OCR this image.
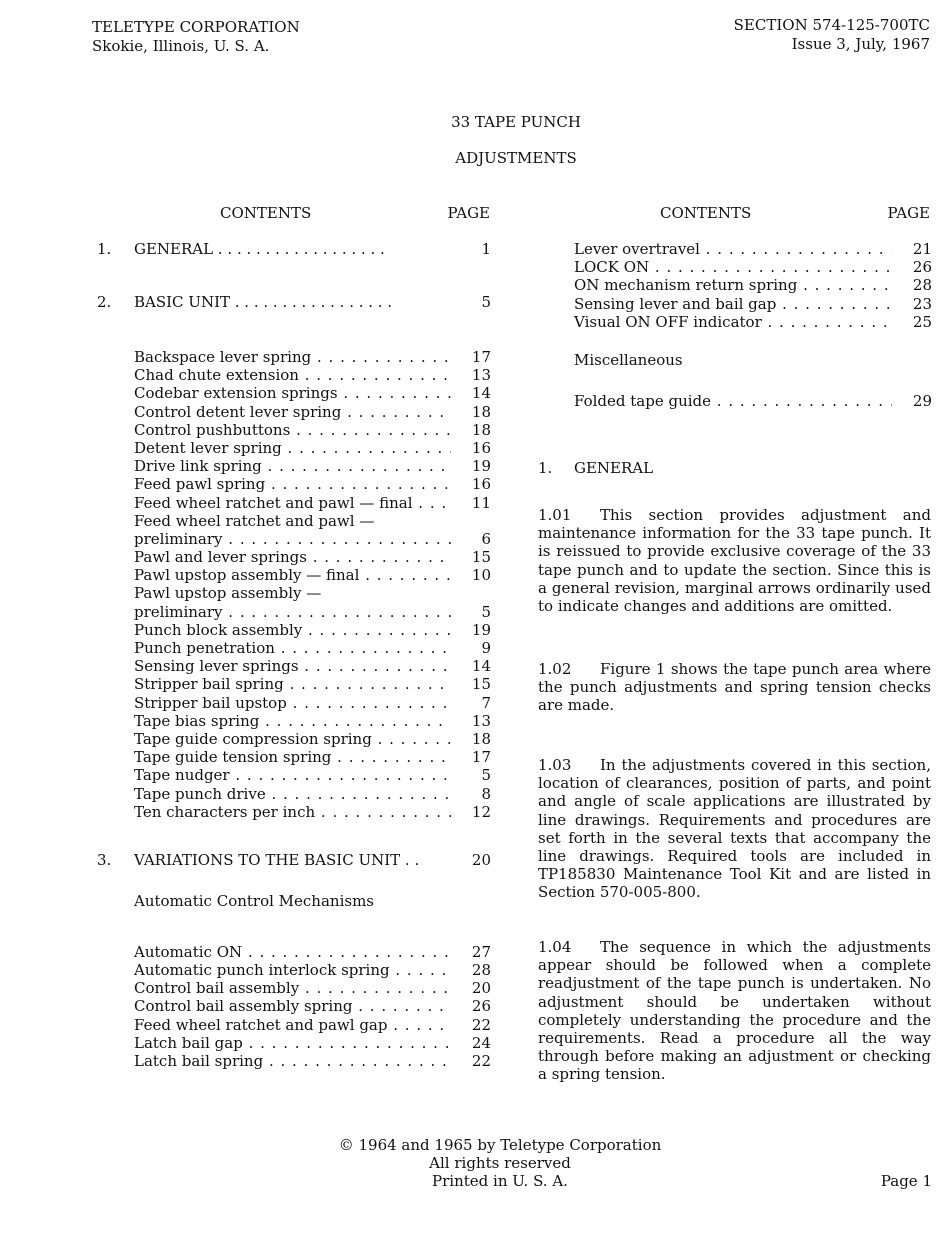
TELETYPE CORPORATION
Skokie, Illinois, U. S. A.
SECTION 574-125-700TC
Issue 3, July, 1967
33 TAPE PUNCH
ADJUSTMENTS
CONTENTS	PAGE	CONTENTS	PAGE
1. GENERAL . . . . . . . . . . . . . . . . . .	1
2. BASIC UNIT . . . . . . . . . . . . . . . . .	5
Backspace lever spring . . .	17
Chad chute extension . . .	13
Codebar extension springs . . .	14
Control detent lever spring . . .	18
Control pushbuttons . . .	18
Detent lever spring . . .	16
Drive link spring . . .	19
Feed pawl spring . . .	16
Feed wheel ratchet and pawl — final . . .	11
Feed wheel ratchet and pawl —
preliminary . . .	6
Pawl and lever springs . . .	15
Pawl upstop assembly — final . . .	10
Pawl upstop assembly —
preliminary . . .	5
Punch block assembly . . .	19
Punch penetration . . .	9
Sensing lever springs . . .	14
Stripper bail spring . . .	15
Stripper bail upstop . . .	7
Tape bias spring . . .	13
Tape guide compression spring . . .	18
Tape guide tension spring . . .	17
Tape nudger . . .	5
Tape punch drive . . .	8
Ten characters per inch . . .	12
3. VARIATIONS TO THE BASIC UNIT . .	20
Automatic Control Mechanisms
Automatic ON . . .	27
Automatic punch interlock spring . . .	28
Control bail assembly . . .	20
Control bail assembly spring . . .	26
Feed wheel ratchet and pawl gap . . .	22
Latch bail gap . . .	24
Latch bail spring . . .	22
Lever overtravel . . .	21
LOCK ON . . .	26
ON mechanism return spring . . .	28
Sensing lever and bail gap . . .	23
Visual ON OFF indicator . . .	25
Miscellaneous
Folded tape guide . . .	29
1. GENERAL
1.01 This section provides adjustment and maintenance information for the 33 tape punch. It is reissued to provide exclusive coverage of the 33 tape punch and to update the section. Since this is a general revision, marginal arrows ordinarily used to indicate changes and additions are omitted.
1.02 Figure 1 shows the tape punch area where the punch adjustments and spring tension checks are made.
1.03 In the adjustments covered in this section, location of clearances, position of parts, and point and angle of scale applications are illustrated by line drawings. Requirements and procedures are set forth in the several texts that accompany the line drawings. Required tools are included in TP185830 Maintenance Tool Kit and are listed in Section 570-005-800.
1.04 The sequence in which the adjustments appear should be followed when a complete readjustment of the tape punch is undertaken. No adjustment should be undertaken without completely understanding the procedure and the requirements. Read a procedure all the way through before making an adjustment or checking a spring tension.
© 1964 and 1965 by Teletype Corporation
All rights reserved
Printed in U. S. A.	Page 1
